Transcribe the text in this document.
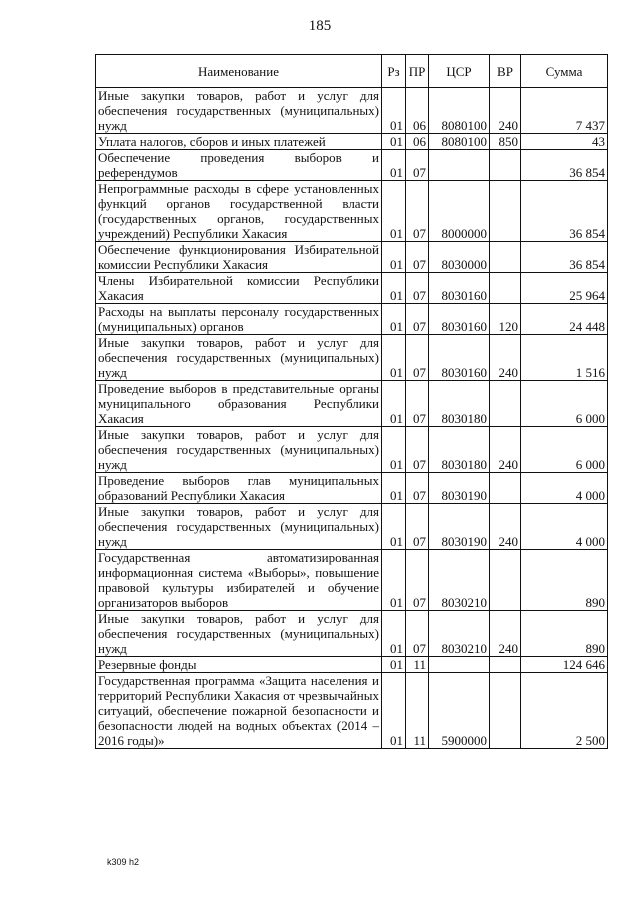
185
Наименование	Рз	ПР	ЦСР	ВР	Сумма
Иные закупки товаров, работ и услуг для обеспечения государственных (муниципальных) нужд	01	06	8080100	240	7 437
Уплата налогов, сборов и иных платежей	01	06	8080100	850	43
Обеспечение проведения выборов и референдумов	01	07			36 854
Непрограммные расходы в сфере установленных функций органов государственной власти (государственных органов, государственных учреждений) Республики Хакасия	01	07	8000000		36 854
Обеспечение функционирования Избирательной комиссии Республики Хакасия	01	07	8030000		36 854
Члены Избирательной комиссии Республики Хакасия	01	07	8030160		25 964
Расходы на выплаты персоналу государственных (муниципальных) органов	01	07	8030160	120	24 448
Иные закупки товаров, работ и услуг для обеспечения государственных (муниципальных) нужд	01	07	8030160	240	1 516
Проведение выборов в представительные органы муниципального образования Республики Хакасия	01	07	8030180		6 000
Иные закупки товаров, работ и услуг для обеспечения государственных (муниципальных) нужд	01	07	8030180	240	6 000
Проведение выборов глав муниципальных образований Республики Хакасия	01	07	8030190		4 000
Иные закупки товаров, работ и услуг для обеспечения государственных (муниципальных) нужд	01	07	8030190	240	4 000
Государственная автоматизированная информационная система «Выборы», повышение правовой культуры избирателей и обучение организаторов выборов	01	07	8030210		890
Иные закупки товаров, работ и услуг для обеспечения государственных (муниципальных) нужд	01	07	8030210	240	890
Резервные фонды	01	11			124 646
Государственная программа «Защита населения и территорий Республики Хакасия от чрезвычайных ситуаций, обеспечение пожарной безопасности и безопасности людей на водных объектах (2014 – 2016 годы)»	01	11	5900000		2 500
k309 h2
